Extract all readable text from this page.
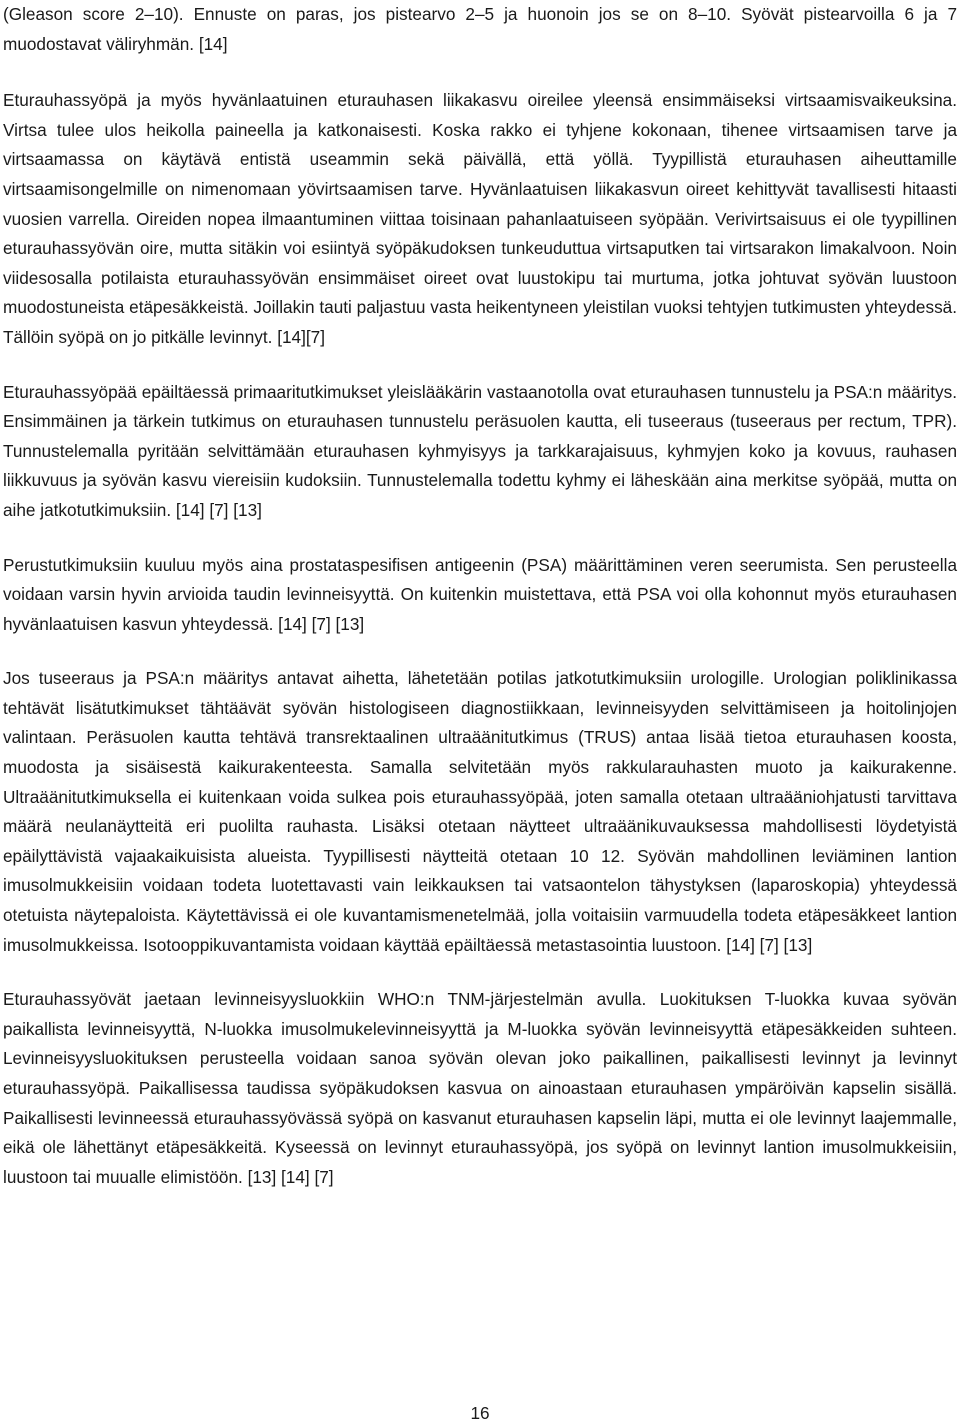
(Gleason score 2–10). Ennuste on paras, jos pistearvo 2–5 ja huonoin jos se on 8–10. Syövät pistearvoilla 6 ja 7 muodostavat väliryhmän. [14]

Eturauhassyöpä ja myös hyvänlaatuinen eturauhasen liikakasvu oireilee yleensä ensimmäiseksi virtsaamisvaikeuksina. Virtsa tulee ulos heikolla paineella ja katkonaisesti. Koska rakko ei tyhjene kokonaan, tihenee virtsaamisen tarve ja virtsaamassa on käytävä entistä useammin sekä päivällä, että yöllä. Tyypillistä eturauhasen aiheuttamille virtsaamisongelmille on nimenomaan yövirtsaamisen tarve. Hyvänlaatuisen liikakasvun oireet kehittyvät tavallisesti hitaasti vuosien varrella. Oireiden nopea ilmaantuminen viittaa toisinaan pahanlaatuiseen syöpään. Verivirtsaisuus ei ole tyypillinen eturauhassyövän oire, mutta sitäkin voi esiintyä syöpäkudoksen tunkeuduttua virtsaputken tai virtsarakon limakalvoon. Noin viidesosalla potilaista eturauhassyövän ensimmäiset oireet ovat luustokipu tai murtuma, jotka johtuvat syövän luustoon muodostuneista etäpesäkkeistä. Joillakin tauti paljastuu vasta heikentyneen yleistilan vuoksi tehtyjen tutkimusten yhteydessä. Tällöin syöpä on jo pitkälle levinnyt. [14][7]

Eturauhassyöpää epäiltäessä primaaritutkimukset yleislääkärin vastaanotolla ovat eturauhasen tunnustelu ja PSA:n määritys. Ensimmäinen ja tärkein tutkimus on eturauhasen tunnustelu peräsuolen kautta, eli tuseeraus (tuseeraus per rectum, TPR). Tunnustelemalla pyritään selvittämään eturauhasen kyhmyisyys ja tarkkarajaisuus, kyhmyjen koko ja kovuus, rauhasen liikkuvuus ja syövän kasvu viereisiin kudoksiin. Tunnustelemalla todettu kyhmy ei läheskään aina merkitse syöpää, mutta on aihe jatkotutkimuksiin. [14] [7] [13]

Perustutkimuksiin kuuluu myös aina prostataspesifisen antigeenin (PSA) määrittäminen veren seerumista. Sen perusteella voidaan varsin hyvin arvioida taudin levinneisyyttä. On kuitenkin muistettava, että PSA voi olla kohonnut myös eturauhasen hyvänlaatuisen kasvun yhteydessä. [14] [7] [13]

Jos tuseeraus ja PSA:n määritys antavat aihetta, lähetetään potilas jatkotutkimuksiin urologille. Urologian poliklinikassa tehtävät lisätutkimukset tähtäävät syövän histologiseen diagnostiikkaan, levinneisyyden selvittämiseen ja hoitolinjojen valintaan. Peräsuolen kautta tehtävä transrektaalinen ultraäänitutkimus (TRUS) antaa lisää tietoa eturauhasen koosta, muodosta ja sisäisestä kaikurakenteesta. Samalla selvitetään myös rakkularauhasten muoto ja kaikurakenne. Ultraäänitutkimuksella ei kuitenkaan voida sulkea pois eturauhassyöpää, joten samalla otetaan ultraääniohjatusti tarvittava määrä neulanäytteitä eri puolilta rauhasta. Lisäksi otetaan näytteet ultraäänikuvauksessa mahdollisesti löydetyistä epäilyttävistä vajaakaikuisista alueista. Tyypillisesti näytteitä otetaan 10 12. Syövän mahdollinen leviäminen lantion imusolmukkeisiin voidaan todeta luotettavasti vain leikkauksen tai vatsaontelon tähystyksen (laparoskopia) yhteydessä otetuista näytepaloista. Käytettävissä ei ole kuvantamismenetelmää, jolla voitaisiin varmuudella todeta etäpesäkkeet lantion imusolmukkeissa. Isotooppikuvantamista voidaan käyttää epäiltäessä metastasointia luustoon. [14] [7] [13]

Eturauhassyövät jaetaan levinneisyysluokkiin WHO:n TNM-järjestelmän avulla. Luokituksen T-luokka kuvaa syövän paikallista levinneisyyttä, N-luokka imusolmukelevinneisyyttä ja M-luokka syövän levinneisyyttä etäpesäkkeiden suhteen. Levinneisyysluokituksen perusteella voidaan sanoa syövän olevan joko paikallinen, paikallisesti levinnyt ja levinnyt eturauhassyöpä. Paikallisessa taudissa syöpäkudoksen kasvua on ainoastaan eturauhasen ympäröivän kapselin sisällä. Paikallisesti levinneessä eturauhassyövässä syöpä on kasvanut eturauhasen kapselin läpi, mutta ei ole levinnyt laajemmalle, eikä ole lähettänyt etäpesäkkeitä. Kyseessä on levinnyt eturauhassyöpä, jos syöpä on levinnyt lantion imusolmukkeisiin, luustoon tai muualle elimistöön. [13] [14] [7]

16
